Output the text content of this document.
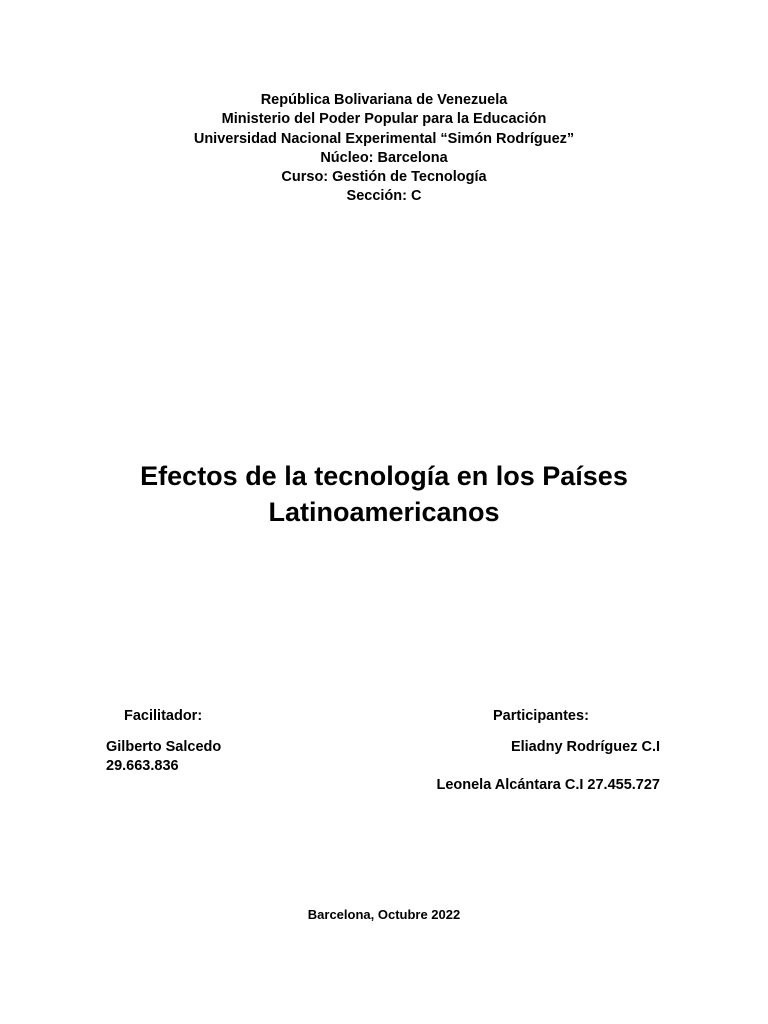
República Bolivariana de Venezuela
Ministerio del Poder Popular para la Educación
Universidad Nacional Experimental “Simón Rodríguez”
Núcleo: Barcelona
Curso: Gestión de Tecnología
Sección: C
Efectos de la tecnología en los Países
Latinoamericanos
Facilitador:	Participantes:
Gilberto Salcedo
29.663.836
Eliadny Rodríguez C.I
Leonela Alcántara C.I 27.455.727
Barcelona, Octubre 2022
